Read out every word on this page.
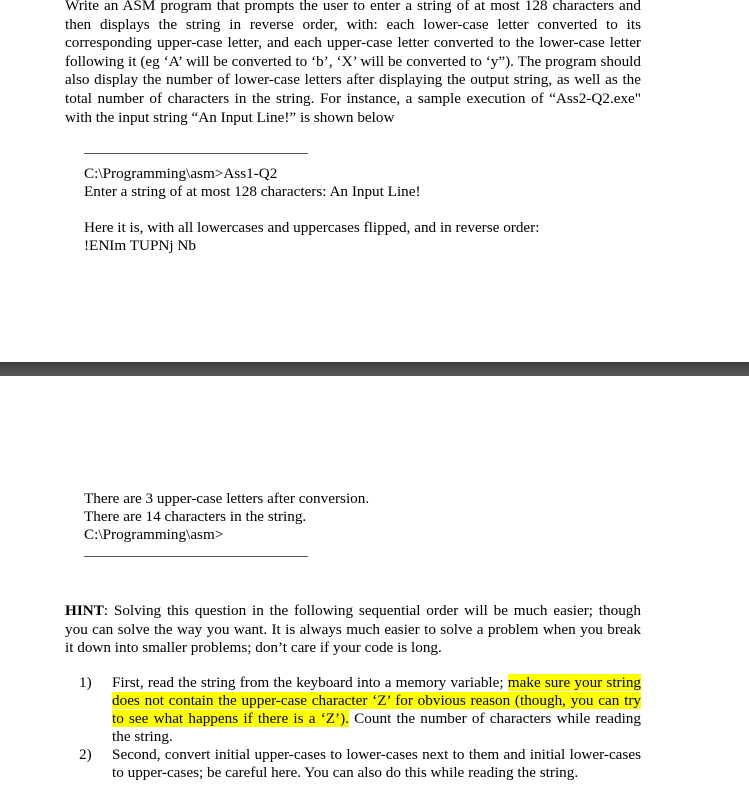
Write an ASM program that prompts the user to enter a string of at most 128 characters and then displays the string in reverse order, with: each lower-case letter converted to its corresponding upper-case letter, and each upper-case letter converted to the lower-case letter following it (eg ‘A’ will be converted to ‘b’, ‘X’ will be converted to ‘y”). The program should also display the number of lower-case letters after displaying the output string, as well as the total number of characters in the string. For instance, a sample execution of “Ass2-Q2.exe" with the input string “An Input Line!” is shown below

C:\Programming\asm>Ass1-Q2
Enter a string of at most 128 characters: An Input Line!
Here it is, with all lowercases and uppercases flipped, and in reverse order:
!ENIm TUPNj Nb
There are 3 upper-case letters after conversion.
There are 14 characters in the string.
C:\Programming\asm>

HINT: Solving this question in the following sequential order will be much easier; though you can solve the way you want. It is always much easier to solve a problem when you break it down into smaller problems; don’t care if your code is long.

1) First, read the string from the keyboard into a memory variable; make sure your string does not contain the upper-case character ‘Z’ for obvious reason (though, you can try to see what happens if there is a ‘Z’). Count the number of characters while reading the string.
2) Second, convert initial upper-cases to lower-cases next to them and initial lower-cases to upper-cases; be careful here. You can also do this while reading the string.
